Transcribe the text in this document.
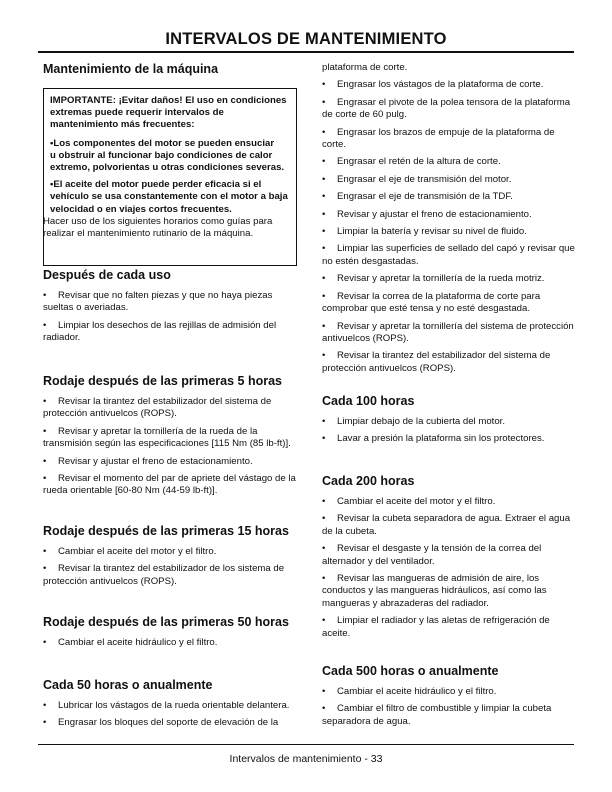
INTERVALOS DE MANTENIMIENTO
Mantenimiento de la máquina

IMPORTANTE: ¡Evitar daños! El uso en condiciones
extremas puede requerir intervalos de
mantenimiento más frecuentes:

•Los componentes del motor se pueden ensuciar
u obstruir al funcionar bajo condiciones de calor
extremo, polvorientas u otras condiciones severas.

•El aceite del motor puede perder eficacia si el
vehículo se usa constantemente con el motor a baja
velocidad o en viajes cortos frecuentes.

Hacer uso de los siguientes horarios como guías para
realizar el mantenimiento rutinario de la máquina.

Después de cada uso

• Revisar que no falten piezas y que no haya piezas
sueltas o averiadas.

• Limpiar los desechos de las rejillas de admisión del
radiador.

Rodaje después de las primeras 5 horas

• Revisar la tirantez del estabilizador del sistema de
protección antivuelcos (ROPS).

• Revisar y apretar la tornillería de la rueda de la
transmisión según las especificaciones [115 Nm (85 lb-ft)].

• Revisar y ajustar el freno de estacionamiento.

• Revisar el momento del par de apriete del vástago de la
rueda orientable [60-80 Nm (44-59 lb-ft)].

Rodaje después de las primeras 15 horas

• Cambiar el aceite del motor y el filtro.

• Revisar la tirantez del estabilizador de los sistema de
protección antivuelcos (ROPS).

Rodaje después de las primeras 50 horas

• Cambiar el aceite hidráulico y el filtro.

Cada 50 horas o anualmente

• Lubricar los vástagos de la rueda orientable delantera.

• Engrasar los bloques del soporte de elevación de la

plataforma de corte.

• Engrasar los vástagos de la plataforma de corte.

• Engrasar el pivote de la polea tensora de la plataforma
de corte de 60 pulg.

• Engrasar los brazos de empuje de la plataforma de
corte.

• Engrasar el retén de la altura de corte.

• Engrasar el eje de transmisión del motor.

• Engrasar el eje de transmisión de la TDF.

• Revisar y ajustar el freno de estacionamiento.

• Limpiar la batería y revisar su nivel de fluido.

• Limpiar las superficies de sellado del capó y revisar que
no estén desgastadas.

• Revisar y apretar la tornillería de la rueda motriz.

• Revisar la correa de la plataforma de corte para
comprobar que esté tensa y no esté desgastada.

• Revisar y apretar la tornillería del sistema de protección
antivuelcos (ROPS).

• Revisar la tirantez del estabilizador del sistema de
protección antivuelcos (ROPS).

Cada 100 horas

• Limpiar debajo de la cubierta del motor.

• Lavar a presión la plataforma sin los protectores.

Cada 200 horas

• Cambiar el aceite del motor y el filtro.

• Revisar la cubeta separadora de agua. Extraer el agua
de la cubeta.

• Revisar el desgaste y la tensión de la correa del
alternador y del ventilador.

• Revisar las mangueras de admisión de aire, los
conductos y las mangueras hidráulicos, así como las
mangueras y abrazaderas del radiador.

• Limpiar el radiador y las aletas de refrigeración de
aceite.

Cada 500 horas o anualmente

• Cambiar el aceite hidráulico y el filtro.

• Cambiar el filtro de combustible y limpiar la cubeta
separadora de agua.

Intervalos de mantenimiento - 33
